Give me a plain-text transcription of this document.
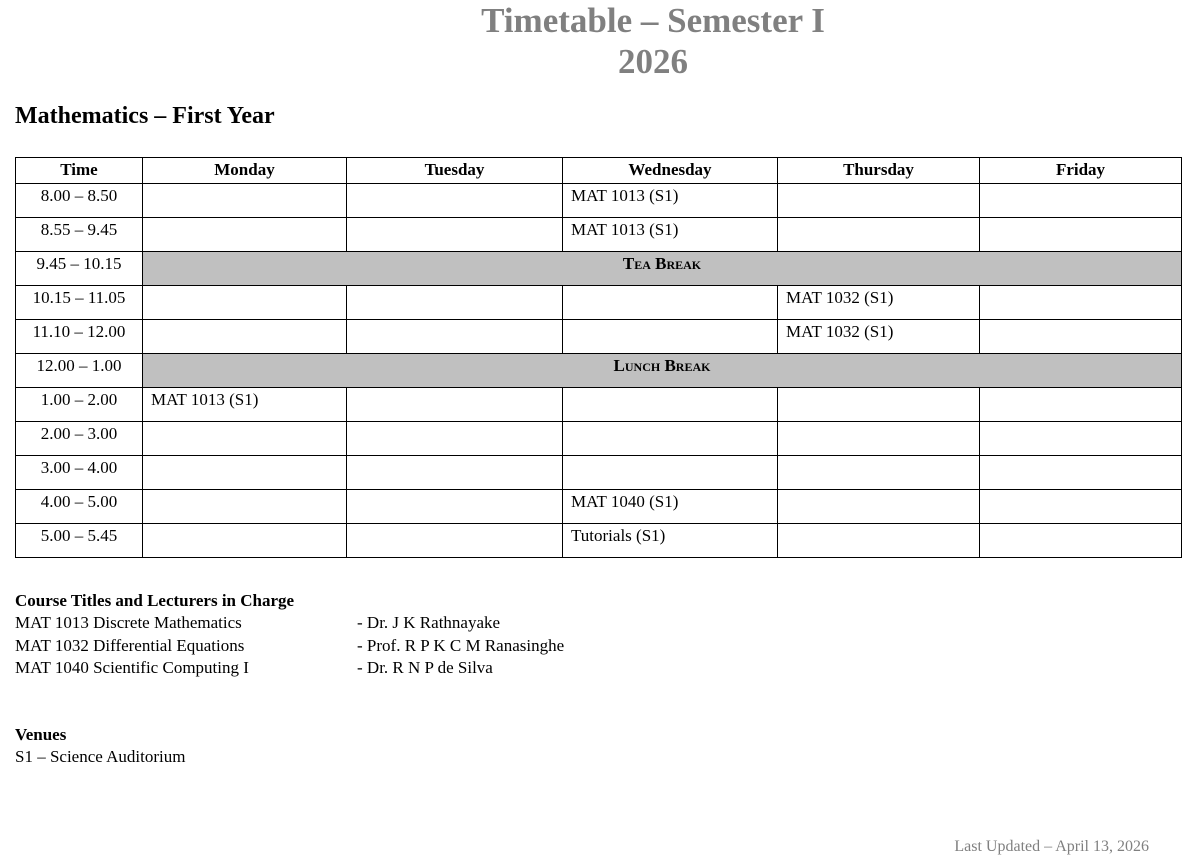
Timetable – Semester I
2026
Mathematics – First Year
Time	Monday	Tuesday	Wednesday	Thursday	Friday
8.00 – 8.50			MAT 1013 (S1)		
8.55 – 9.45			MAT 1013 (S1)		
9.45 – 10.15	Tea Break				
10.15 – 11.05				MAT 1032 (S1)	
11.10 – 12.00				MAT 1032 (S1)	
12.00 – 1.00	Lunch Break				
1.00 – 2.00	MAT 1013 (S1)				
2.00 – 3.00					
3.00 – 4.00					
4.00 – 5.00			MAT 1040 (S1)		
5.00 – 5.45			Tutorials (S1)		
Course Titles and Lecturers in Charge
MAT 1013 Discrete Mathematics	- Dr. J K Rathnayake
MAT 1032 Differential Equations	- Prof. R P K C M Ranasinghe
MAT 1040 Scientific Computing I	- Dr. R N P de Silva
Venues
S1 – Science Auditorium
Last Updated – April 13, 2026
